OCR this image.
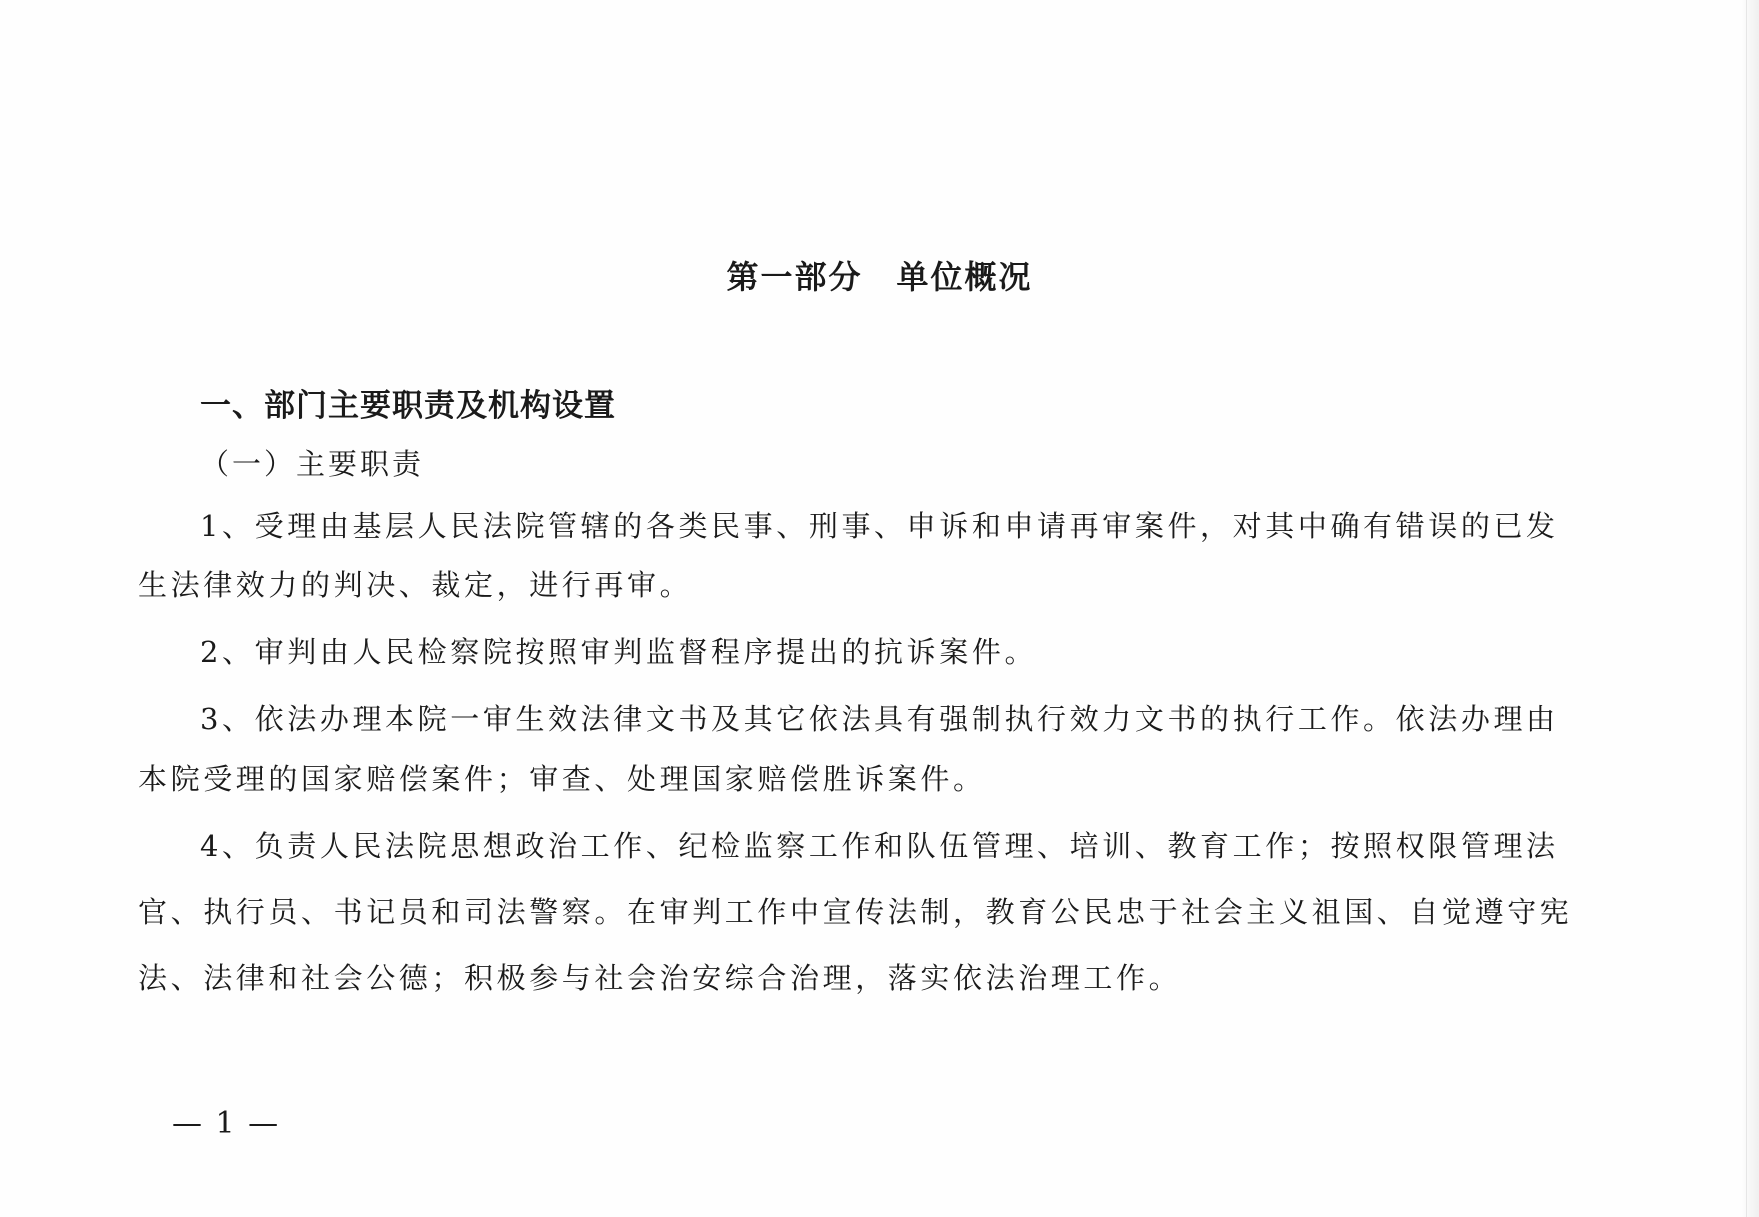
第一部分　单位概况
一、部门主要职责及机构设置
（一）主要职责
1、受理由基层人民法院管辖的各类民事、刑事、申诉和申请再审案件，对其中确有错误的已发
生法律效力的判决、裁定，进行再审。
2、审判由人民检察院按照审判监督程序提出的抗诉案件。
3、依法办理本院一审生效法律文书及其它依法具有强制执行效力文书的执行工作。依法办理由
本院受理的国家赔偿案件；审查、处理国家赔偿胜诉案件。
4、负责人民法院思想政治工作、纪检监察工作和队伍管理、培训、教育工作；按照权限管理法
官、执行员、书记员和司法警察。在审判工作中宣传法制，教育公民忠于社会主义祖国、自觉遵守宪
法、法律和社会公德；积极参与社会治安综合治理，落实依法治理工作。
— 1 —
